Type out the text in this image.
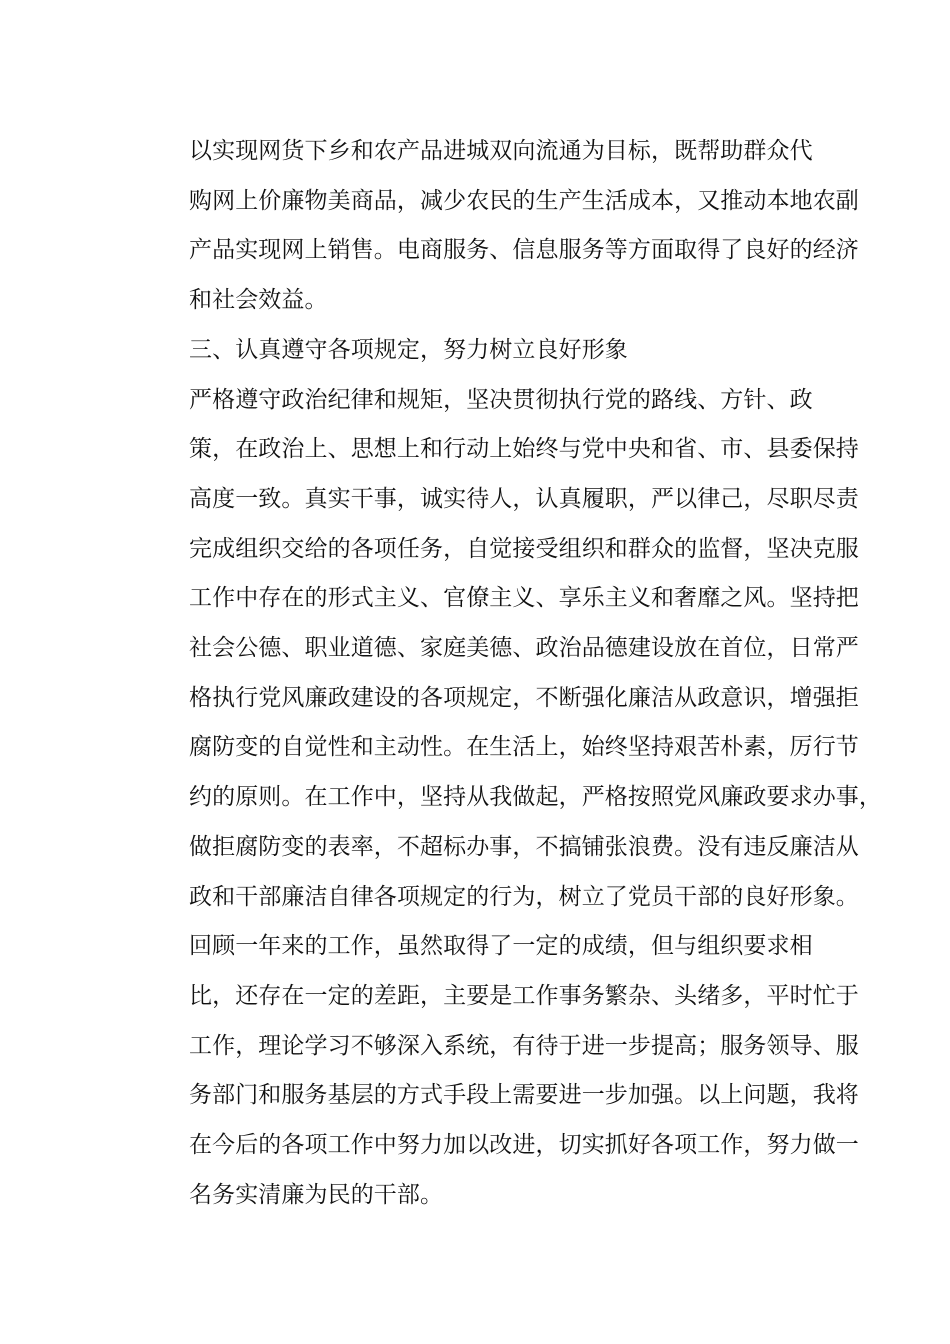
以实现网货下乡和农产品进城双向流通为目标，既帮助群众代
购网上价廉物美商品，减少农民的生产生活成本，又推动本地农副
产品实现网上销售。电商服务、信息服务等方面取得了良好的经济
和社会效益。

三、认真遵守各项规定，努力树立良好形象

严格遵守政治纪律和规矩，坚决贯彻执行党的路线、方针、政
策，在政治上、思想上和行动上始终与党中央和省、市、县委保持
高度一致。真实干事，诚实待人，认真履职，严以律己，尽职尽责
完成组织交给的各项任务，自觉接受组织和群众的监督，坚决克服
工作中存在的形式主义、官僚主义、享乐主义和奢靡之风。坚持把
社会公德、职业道德、家庭美德、政治品德建设放在首位，日常严
格执行党风廉政建设的各项规定，不断强化廉洁从政意识，增强拒
腐防变的自觉性和主动性。在生活上，始终坚持艰苦朴素，厉行节
约的原则。在工作中，坚持从我做起，严格按照党风廉政要求办事，
做拒腐防变的表率，不超标办事，不搞铺张浪费。没有违反廉洁从
政和干部廉洁自律各项规定的行为，树立了党员干部的良好形象。

回顾一年来的工作，虽然取得了一定的成绩，但与组织要求相
比，还存在一定的差距，主要是工作事务繁杂、头绪多，平时忙于
工作，理论学习不够深入系统，有待于进一步提高；服务领导、服
务部门和服务基层的方式手段上需要进一步加强。以上问题，我将
在今后的各项工作中努力加以改进，切实抓好各项工作，努力做一
名务实清廉为民的干部。
